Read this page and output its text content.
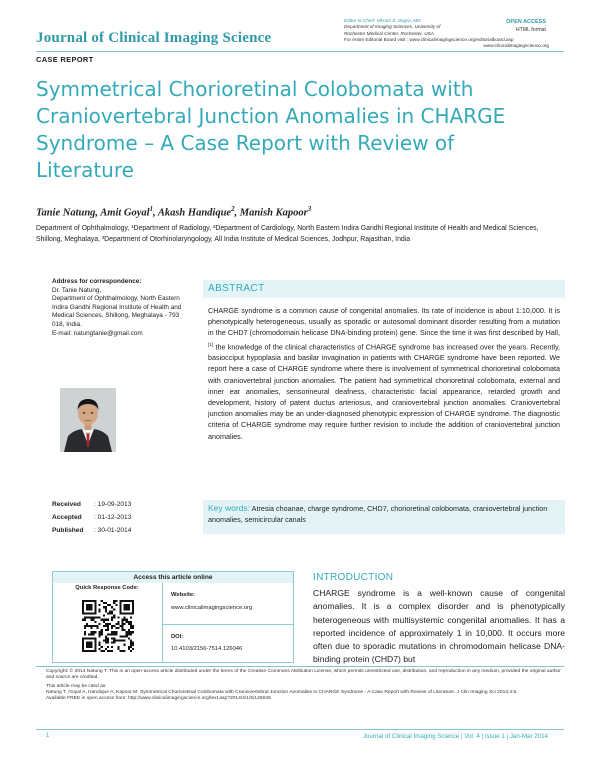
Journal of Clinical Imaging Science
Editor-in-Chief: Vikram S. Dogra, MD
Department of Imaging Sciences, University of
Rochester Medical Center, Rochester, USA
For entire Editorial Board visit : www.clinicalimagingscience.org/editorialboard.asp
www.clinicalimagingscience.org
OPEN ACCESS
HTML format
CASE REPORT
Symmetrical Chorioretinal Colobomata with Craniovertebral Junction Anomalies in CHARGE Syndrome – A Case Report with Review of Literature
Tanie Natung, Amit Goyal$^1$, Akash Handique$^2$, Manish Kapoor$^3$
Department of Ophthalmology, ¹Department of Radiology, ²Department of Cardiology, North Eastern Indira Gandhi Regional Institute of Health and Medical Sciences, Shillong, Meghalaya, ³Department of Otorhinolaryngology, All India Institute of Medical Sciences, Jodhpur, Rajasthan, India
Address for correspondence:
Dr. Tanie Natung,
Department of Ophthalmology, North Eastern Indira Gandhi Regional Institute of Health and Medical Sciences, Shillong, Meghalaya - 793 018, India.
E-mail: natungtanie@gmail.com
Received : 19-09-2013
Accepted : 01-12-2013
Published : 30-01-2014
ABSTRACT
CHARGE syndrome is a common cause of congenital anomalies. Its rate of incidence is about 1:10,000. It is phenotypically heterogeneous, usually as sporadic or autosomal dominant disorder resulting from a mutation in the CHD7 (chromodomain helicase DNA-binding protein) gene. Since the time it was first described by Hall,[1] the knowledge of the clinical characteristics of CHARGE syndrome has increased over the years. Recently, basiocciput hypoplasia and basilar invagination in patients with CHARGE syndrome have been reported. We report here a case of CHARGE syndrome where there is involvement of symmetrical chorioretinal colobomata with craniovertebral junction anomalies. The patient had symmetrical chorioretinal colobomata, external and inner ear anomalies, sensorineural deafness, characteristic facial appearance, retarded growth and development, history of patent ductus arteriosus, and craniovertebral junction anomalies. Craniovertebral junction anomalies may be an under-diagnosed phenotypic expression of CHARGE syndrome. The diagnostic criteria of CHARGE syndrome may require further revision to include the addition of craniovertebral junction anomalies.
Key words: Atresia choanae, charge syndrome, CHD7, chorioretinal colobomata, craniovertebral junction anomalies, semicircular canals
Access this article online
Quick Response Code:
Website:
www.clinicalimagingscience.org
DOI:
10.4103/2156-7514.126046
INTRODUCTION
CHARGE syndrome is a well-known cause of congenital anomalies. It is a complex disorder and is phenotypically heterogeneous with multisystemic congenital anomalies. It has a reported incidence of approximately 1 in 10,000. It occurs more often due to sporadic mutations in chromodomain helicase DNA-binding protein (CHD7) but
Copyright: © 2014 Natung T. This is an open-access article distributed under the terms of the Creative Commons Attribution License, which permits unrestricted use, distribution, and reproduction in any medium, provided the original author and source are credited.
This article may be cited as:
Natung T, Goyal A, Handique A, Kapoor M. Symmetrical Chorioretinal Colobomata with Craniovertebral Junction Anomalies in CHARGE Syndrome - A Case Report with Review of Literature. J Clin Imaging Sci 2014;4:5.
Available FREE in open access from: http://www.clinicalimagingscience.org/text.asp?2014/4/1/5/126046
1	Journal of Clinical Imaging Science | Vol. 4 | Issue 1 | Jan-Mar 2014
